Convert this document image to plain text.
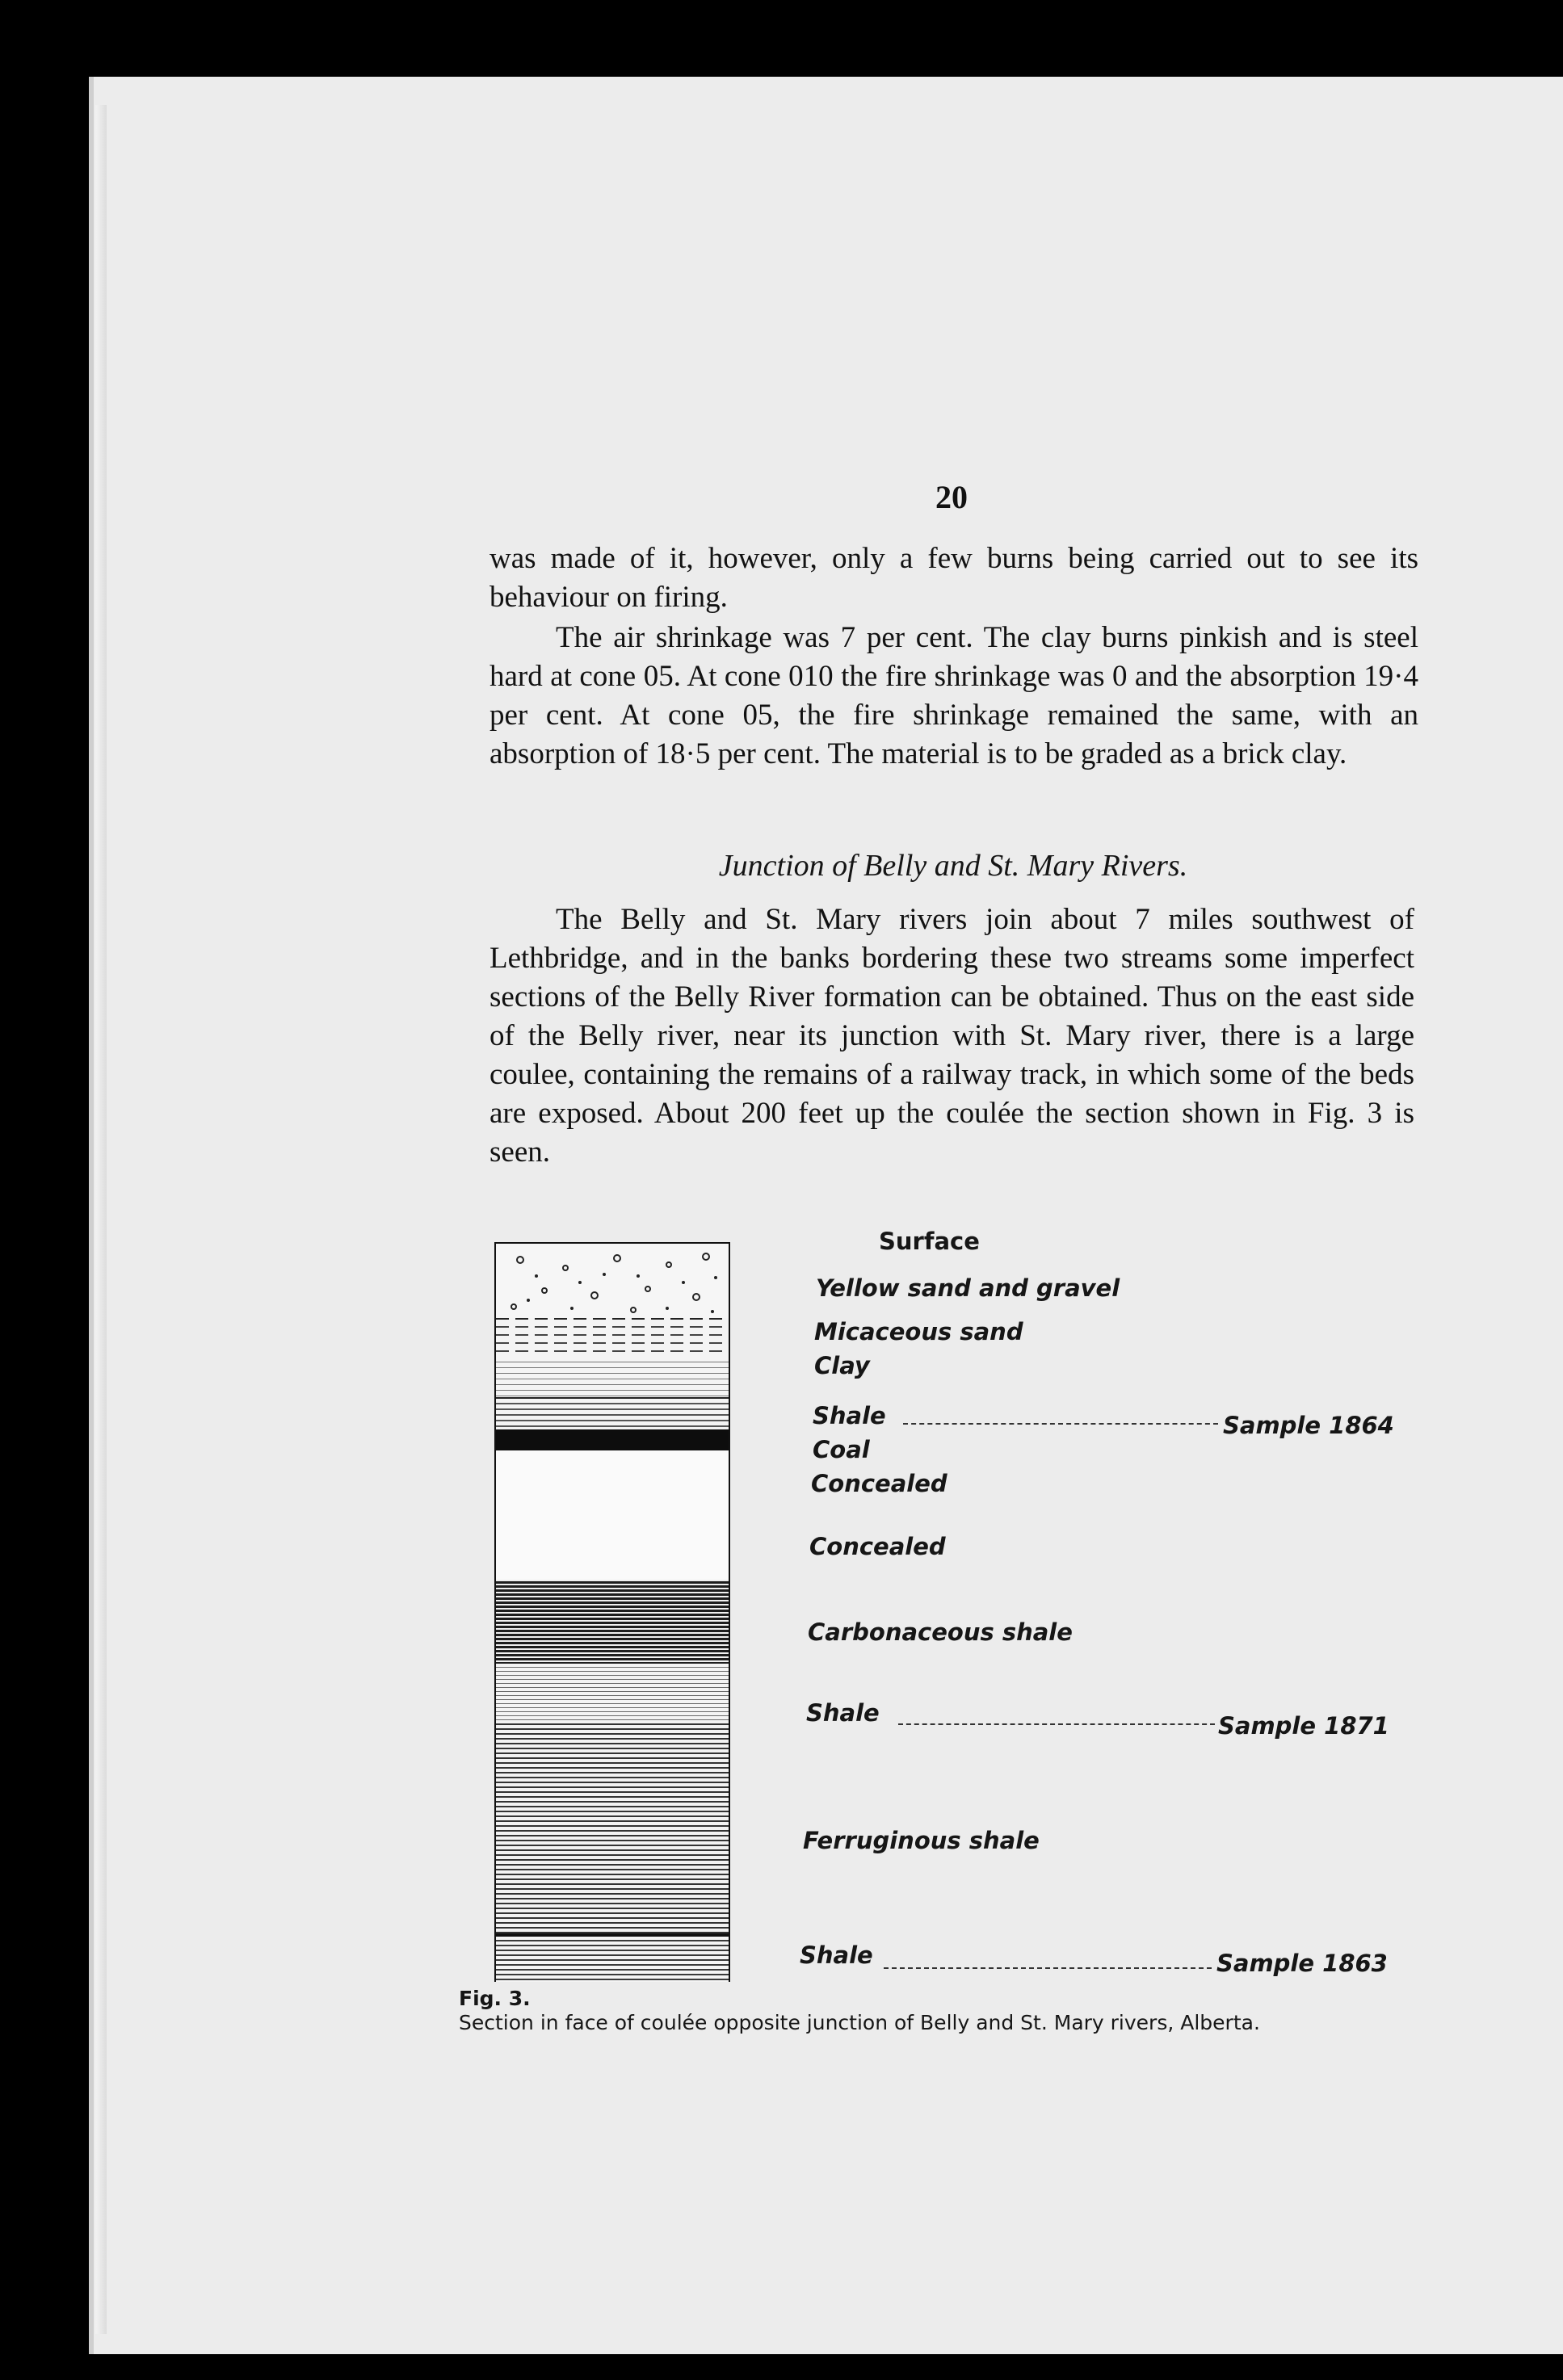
20

was made of it, however, only a few burns being carried out to see its behaviour on firing.

The air shrinkage was 7 per cent. The clay burns pinkish and is steel hard at cone 05. At cone 010 the fire shrinkage was 0 and the absorption 19·4 per cent. At cone 05, the fire shrinkage remained the same, with an absorption of 18·5 per cent. The material is to be graded as a brick clay.

Junction of Belly and St. Mary Rivers.

The Belly and St. Mary rivers join about 7 miles southwest of Lethbridge, and in the banks bordering these two streams some imperfect sections of the Belly River formation can be obtained. Thus on the east side of the Belly river, near its junction with St. Mary river, there is a large coulee, containing the remains of a railway track, in which some of the beds are exposed. About 200 feet up the coulée the section shown in Fig. 3 is seen.

Surface
Yellow sand and gravel
Micaceous sand
Clay
Shale	Sample 1864
Coal
Concealed
Concealed
Carbonaceous shale
Shale	Sample 1871
Ferruginous shale
Shale	Sample 1863
Fig. 3.Section in face of coulée opposite junction of Belly and St. Mary rivers, Alberta.
